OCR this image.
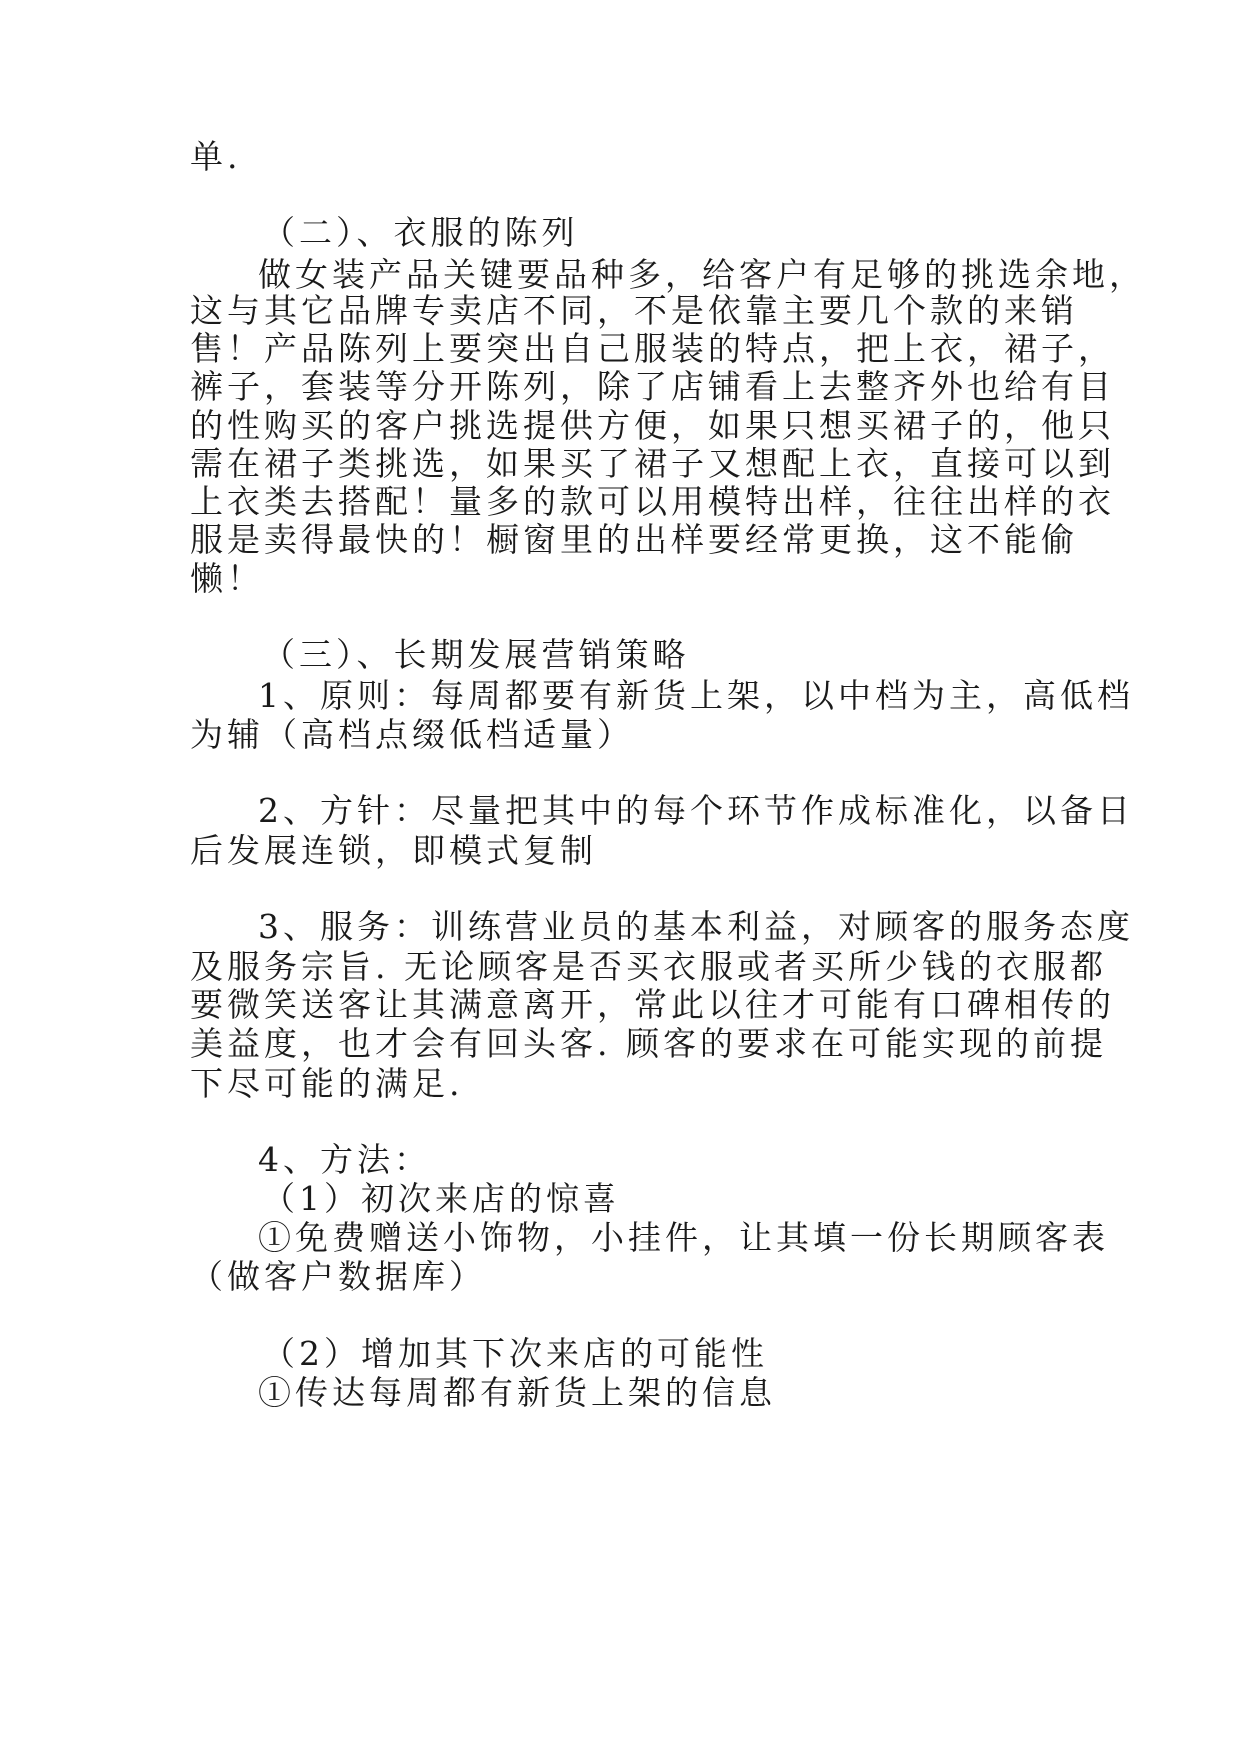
单.
（二）、衣服的陈列
做女装产品关键要品种多，给客户有足够的挑选余地，
这与其它品牌专卖店不同，不是依靠主要几个款的来销
售！产品陈列上要突出自己服装的特点，把上衣，裙子，
裤子，套装等分开陈列，除了店铺看上去整齐外也给有目
的性购买的客户挑选提供方便，如果只想买裙子的，他只
需在裙子类挑选，如果买了裙子又想配上衣，直接可以到
上衣类去搭配！量多的款可以用模特出样，往往出样的衣
服是卖得最快的！橱窗里的出样要经常更换，这不能偷
懒！
（三）、长期发展营销策略
1、原则：每周都要有新货上架，以中档为主，高低档
为辅（高档点缀低档适量）
2、方针：尽量把其中的每个环节作成标准化，以备日
后发展连锁，即模式复制
3、服务：训练营业员的基本利益，对顾客的服务态度
及服务宗旨. 无论顾客是否买衣服或者买所少钱的衣服都
要微笑送客让其满意离开，常此以往才可能有口碑相传的
美益度，也才会有回头客. 顾客的要求在可能实现的前提
下尽可能的满足.
4、方法：
（1）初次来店的惊喜
①免费赠送小饰物，小挂件，让其填一份长期顾客表
（做客户数据库）
（2）增加其下次来店的可能性
①传达每周都有新货上架的信息
